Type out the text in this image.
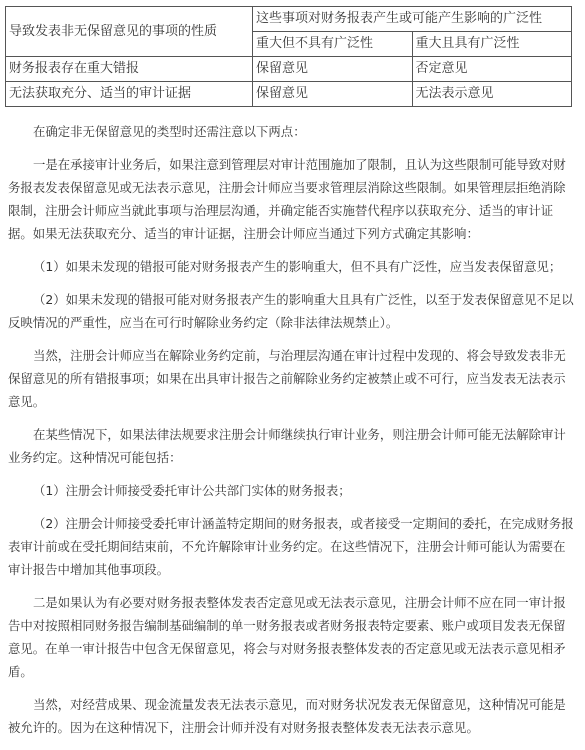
导致发表非无保留意见的事项的性质	这些事项对财务报表产生或可能产生影响的广泛性	
	重大但不具有广泛性	重大且具有广泛性
财务报表存在重大错报	保留意见	否定意见
无法获取充分、适当的审计证据	保留意见	无法表示意见

在确定非无保留意见的类型时还需注意以下两点：

一是在承接审计业务后，如果注意到管理层对审计范围施加了限制，且认为这些限制可能导致对财务报表发表保留意见或无法表示意见，注册会计师应当要求管理层消除这些限制。如果管理层拒绝消除限制，注册会计师应当就此事项与治理层沟通，并确定能否实施替代程序以获取充分、适当的审计证据。如果无法获取充分、适当的审计证据，注册会计师应当通过下列方式确定其影响：

（1）如果未发现的错报可能对财务报表产生的影响重大，但不具有广泛性，应当发表保留意见；

（2）如果未发现的错报可能对财务报表产生的影响重大且具有广泛性，以至于发表保留意见不足以反映情况的严重性，应当在可行时解除业务约定（除非法律法规禁止）。

当然，注册会计师应当在解除业务约定前，与治理层沟通在审计过程中发现的、将会导致发表非无保留意见的所有错报事项；如果在出具审计报告之前解除业务约定被禁止或不可行，应当发表无法表示意见。

在某些情况下，如果法律法规要求注册会计师继续执行审计业务，则注册会计师可能无法解除审计业务约定。这种情况可能包括：

（1）注册会计师接受委托审计公共部门实体的财务报表；

（2）注册会计师接受委托审计涵盖特定期间的财务报表，或者接受一定期间的委托，在完成财务报表审计前或在受托期间结束前，不允许解除审计业务约定。在这些情况下，注册会计师可能认为需要在审计报告中增加其他事项段。

二是如果认为有必要对财务报表整体发表否定意见或无法表示意见，注册会计师不应在同一审计报告中对按照相同财务报告编制基础编制的单一财务报表或者财务报表特定要素、账户或项目发表无保留意见。在单一审计报告中包含无保留意见，将会与对财务报表整体发表的否定意见或无法表示意见相矛盾。

当然，对经营成果、现金流量发表无法表示意见，而对财务状况发表无保留意见，这种情况可能是被允许的。因为在这种情况下，注册会计师并没有对财务报表整体发表无法表示意见。
